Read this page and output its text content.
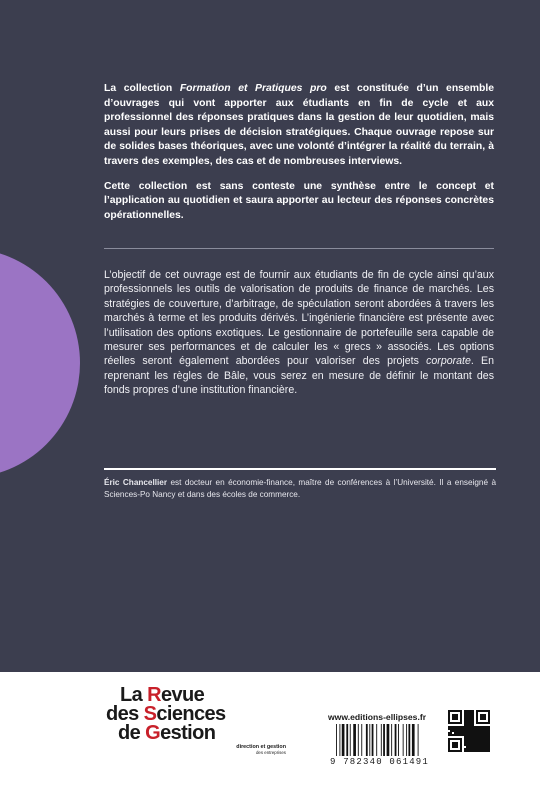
La collection Formation et Pratiques pro est constituée d’un ensemble d’ouvrages qui vont apporter aux étudiants en fin de cycle et aux professionnel des réponses pratiques dans la gestion de leur quotidien, mais aussi pour leurs prises de décision stratégiques. Chaque ouvrage repose sur de solides bases théoriques, avec une volonté d’intégrer la réalité du terrain, à travers des exemples, des cas et de nombreuses interviews.

Cette collection est sans conteste une synthèse entre le concept et l’application au quotidien et saura apporter au lecteur des réponses concrètes opérationnelles.

L’objectif de cet ouvrage est de fournir aux étudiants de fin de cycle ainsi qu’aux professionnels les outils de valorisation de produits de finance de marchés. Les stratégies de couverture, d’arbitrage, de spéculation seront abordées à travers les marchés à terme et les produits dérivés. L’ingénierie financière est présente avec l’utilisation des options exotiques. Le gestionnaire de portefeuille sera capable de mesurer ses performances et de calculer les « grecs » associés. Les options réelles seront également abordées pour valoriser des projets corporate. En reprenant les règles de Bâle, vous serez en mesure de définir le montant des fonds propres d’une institution financière.
Éric Chancellier est docteur en économie-finance, maître de conférences à l’Université. Il a enseigné à Sciences-Po Nancy et dans des écoles de commerce.
La Revue
des Sciences
de Gestion
direction et gestion
des entreprises
www.editions-ellipses.fr
9 782340 061491
